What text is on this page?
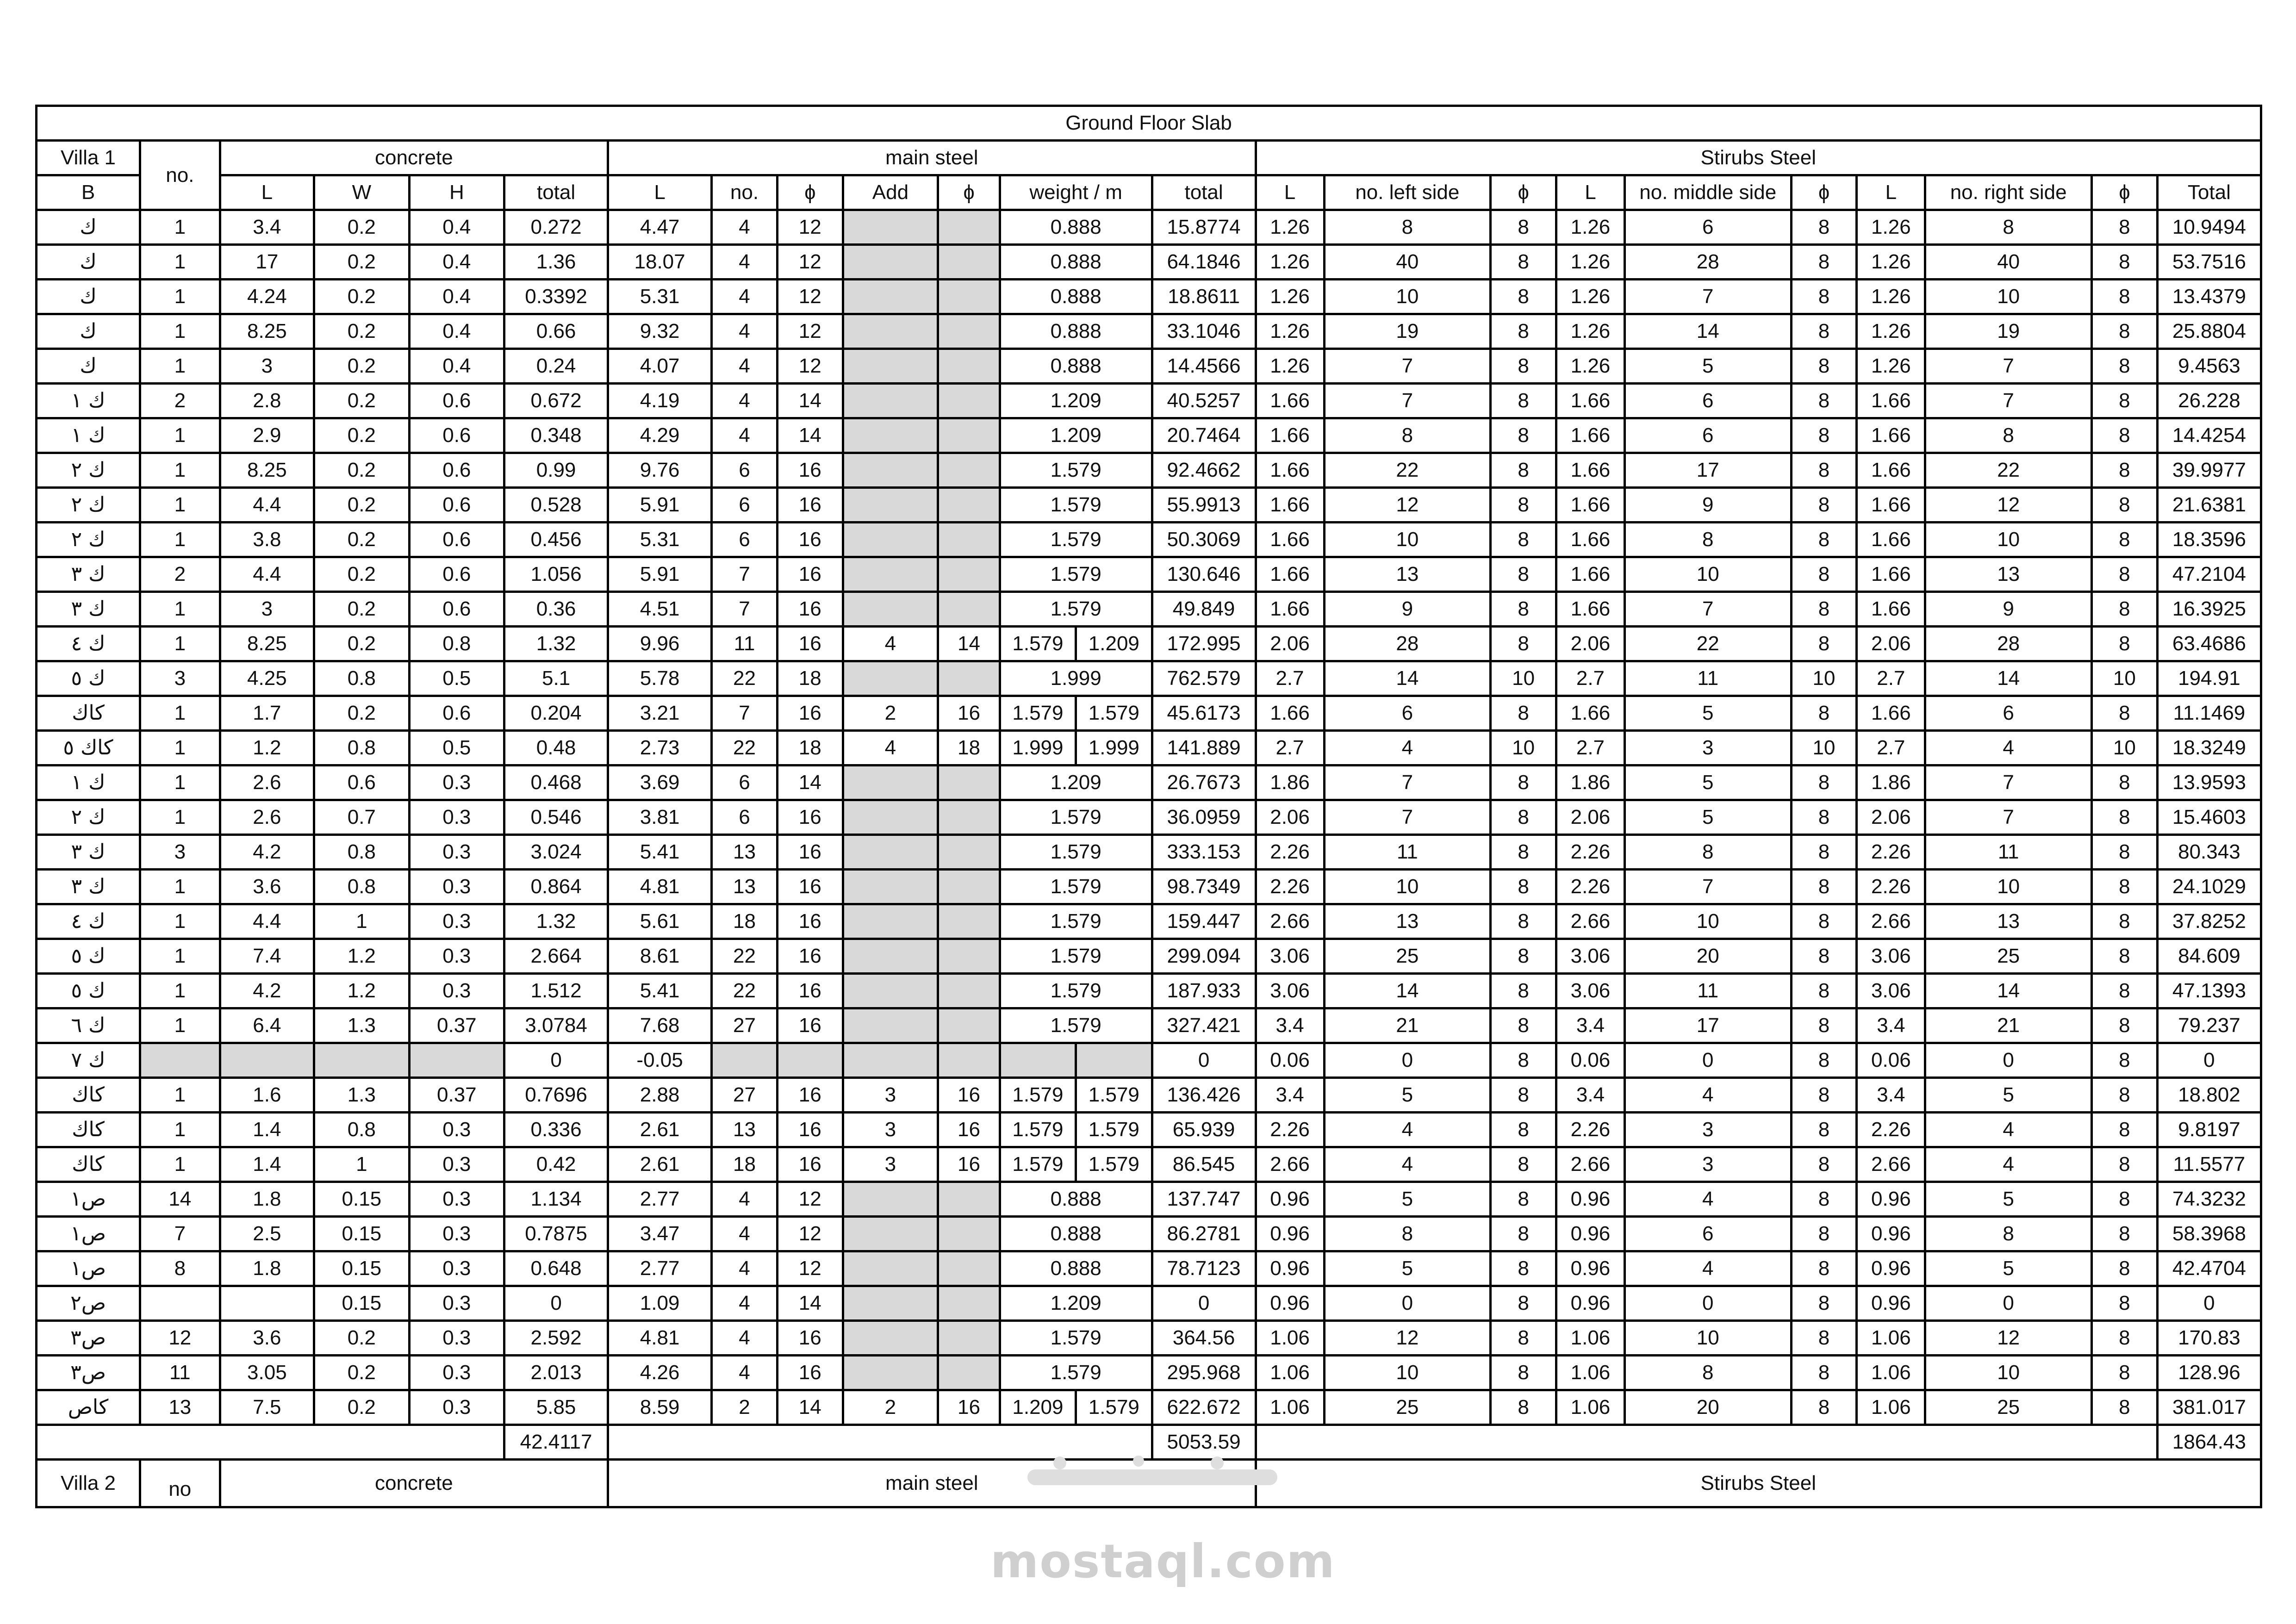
Ground Floor Slab																							
Villa 1	no.	concrete				main steel								Stirubs Steel									
B		L	W	H	total	L	no.	ɸ	Add	ɸ	weight / m		total	L	no. left side	ɸ	L	no. middle side	ɸ	L	no. right side	ɸ	Total
ك	1	3.4	0.2	0.4	0.272	4.47	4	12			0.888		15.8774	1.26	8	8	1.26	6	8	1.26	8	8	10.9494
ك	1	17	0.2	0.4	1.36	18.07	4	12			0.888		64.1846	1.26	40	8	1.26	28	8	1.26	40	8	53.7516
ك	1	4.24	0.2	0.4	0.3392	5.31	4	12			0.888		18.8611	1.26	10	8	1.26	7	8	1.26	10	8	13.4379
ك	1	8.25	0.2	0.4	0.66	9.32	4	12			0.888		33.1046	1.26	19	8	1.26	14	8	1.26	19	8	25.8804
ك	1	3	0.2	0.4	0.24	4.07	4	12			0.888		14.4566	1.26	7	8	1.26	5	8	1.26	7	8	9.4563
ك ١	2	2.8	0.2	0.6	0.672	4.19	4	14			1.209		40.5257	1.66	7	8	1.66	6	8	1.66	7	8	26.228
ك ١	1	2.9	0.2	0.6	0.348	4.29	4	14			1.209		20.7464	1.66	8	8	1.66	6	8	1.66	8	8	14.4254
ك ٢	1	8.25	0.2	0.6	0.99	9.76	6	16			1.579		92.4662	1.66	22	8	1.66	17	8	1.66	22	8	39.9977
ك ٢	1	4.4	0.2	0.6	0.528	5.91	6	16			1.579		55.9913	1.66	12	8	1.66	9	8	1.66	12	8	21.6381
ك ٢	1	3.8	0.2	0.6	0.456	5.31	6	16			1.579		50.3069	1.66	10	8	1.66	8	8	1.66	10	8	18.3596
ك ٣	2	4.4	0.2	0.6	1.056	5.91	7	16			1.579		130.646	1.66	13	8	1.66	10	8	1.66	13	8	47.2104
ك ٣	1	3	0.2	0.6	0.36	4.51	7	16			1.579		49.849	1.66	9	8	1.66	7	8	1.66	9	8	16.3925
ك ٤	1	8.25	0.2	0.8	1.32	9.96	11	16	4	14	1.579	1.209	172.995	2.06	28	8	2.06	22	8	2.06	28	8	63.4686
ك ٥	3	4.25	0.8	0.5	5.1	5.78	22	18			1.999		762.579	2.7	14	10	2.7	11	10	2.7	14	10	194.91
كاك	1	1.7	0.2	0.6	0.204	3.21	7	16	2	16	1.579	1.579	45.6173	1.66	6	8	1.66	5	8	1.66	6	8	11.1469
كاك ٥	1	1.2	0.8	0.5	0.48	2.73	22	18	4	18	1.999	1.999	141.889	2.7	4	10	2.7	3	10	2.7	4	10	18.3249
ك ١	1	2.6	0.6	0.3	0.468	3.69	6	14			1.209		26.7673	1.86	7	8	1.86	5	8	1.86	7	8	13.9593
ك ٢	1	2.6	0.7	0.3	0.546	3.81	6	16			1.579		36.0959	2.06	7	8	2.06	5	8	2.06	7	8	15.4603
ك ٣	3	4.2	0.8	0.3	3.024	5.41	13	16			1.579		333.153	2.26	11	8	2.26	8	8	2.26	11	8	80.343
ك ٣	1	3.6	0.8	0.3	0.864	4.81	13	16			1.579		98.7349	2.26	10	8	2.26	7	8	2.26	10	8	24.1029
ك ٤	1	4.4	1	0.3	1.32	5.61	18	16			1.579		159.447	2.66	13	8	2.66	10	8	2.66	13	8	37.8252
ك ٥	1	7.4	1.2	0.3	2.664	8.61	22	16			1.579		299.094	3.06	25	8	3.06	20	8	3.06	25	8	84.609
ك ٥	1	4.2	1.2	0.3	1.512	5.41	22	16			1.579		187.933	3.06	14	8	3.06	11	8	3.06	14	8	47.1393
ك ٦	1	6.4	1.3	0.37	3.0784	7.68	27	16			1.579		327.421	3.4	21	8	3.4	17	8	3.4	21	8	79.237
ك ٧					0	-0.05							0	0.06	0	8	0.06	0	8	0.06	0	8	0
كاك	1	1.6	1.3	0.37	0.7696	2.88	27	16	3	16	1.579	1.579	136.426	3.4	5	8	3.4	4	8	3.4	5	8	18.802
كاك	1	1.4	0.8	0.3	0.336	2.61	13	16	3	16	1.579	1.579	65.939	2.26	4	8	2.26	3	8	2.26	4	8	9.8197
كاك	1	1.4	1	0.3	0.42	2.61	18	16	3	16	1.579	1.579	86.545	2.66	4	8	2.66	3	8	2.66	4	8	11.5577
ص١	14	1.8	0.15	0.3	1.134	2.77	4	12			0.888		137.747	0.96	5	8	0.96	4	8	0.96	5	8	74.3232
ص١	7	2.5	0.15	0.3	0.7875	3.47	4	12			0.888		86.2781	0.96	8	8	0.96	6	8	0.96	8	8	58.3968
ص١	8	1.8	0.15	0.3	0.648	2.77	4	12			0.888		78.7123	0.96	5	8	0.96	4	8	0.96	5	8	42.4704
ص٢			0.15	0.3	0	1.09	4	14			1.209		0	0.96	0	8	0.96	0	8	0.96	0	8	0
ص٣	12	3.6	0.2	0.3	2.592	4.81	4	16			1.579		364.56	1.06	12	8	1.06	10	8	1.06	12	8	170.83
ص٣	11	3.05	0.2	0.3	2.013	4.26	4	16			1.579		295.968	1.06	10	8	1.06	8	8	1.06	10	8	128.96
كاص	13	7.5	0.2	0.3	5.85	8.59	2	14	2	16	1.209	1.579	622.672	1.06	25	8	1.06	20	8	1.06	25	8	381.017
					42.4117								5053.59										1864.43
Villa 2	no	concrete				main steel								Stirubs Steel									
mostaql.com
